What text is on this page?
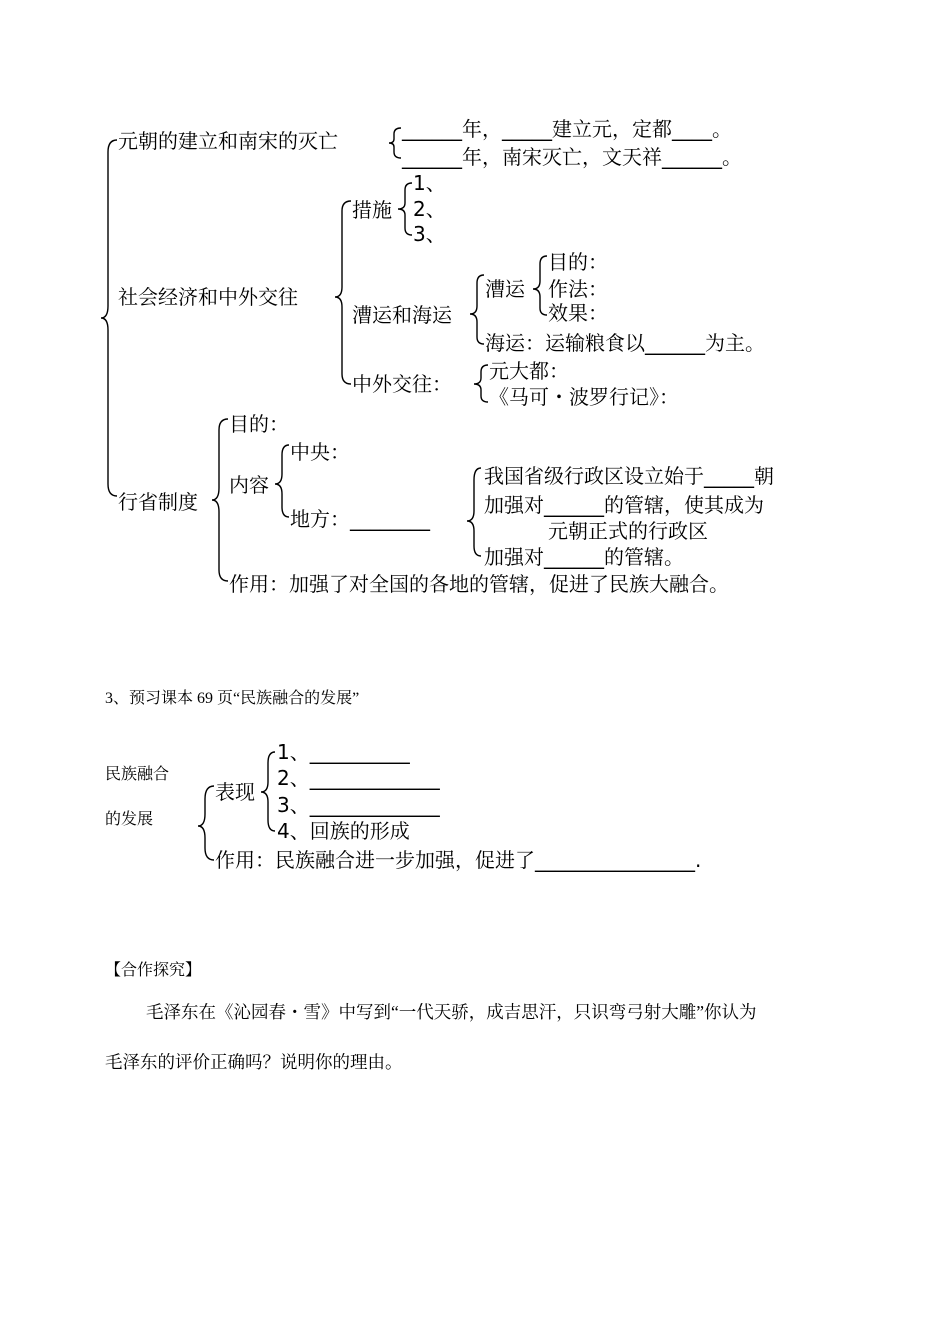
元朝的建立和南宋的灭亡	______年，_____建立元，定都____。
______年，南宋灭亡，文天祥______。
社会经济和中外交往
措施
1、
2、
3、
漕运和海运
漕运
目的：
作法：
效果：
海运：运输粮食以______为主。
中外交往：
元大都：
《马可・波罗行记》：
行省制度
目的：
内容
中央：
地方：________
我国省级行政区设立始于_____朝
加强对______的管辖，使其成为
元朝正式的行政区
加强对______的管辖。
作用：加强了对全国的各地的管辖，促进了民族大融合。
3、预习课本 69 页“民族融合的发展”
民族融合
的发展
表现
1、__________
2、_____________
3、_____________
4、回族的形成
作用：民族融合进一步加强，促进了________________.
【合作探究】
毛泽东在《沁园春・雪》中写到“一代天骄，成吉思汗，只识弯弓射大雕”你认为
毛泽东的评价正确吗？说明你的理由。
